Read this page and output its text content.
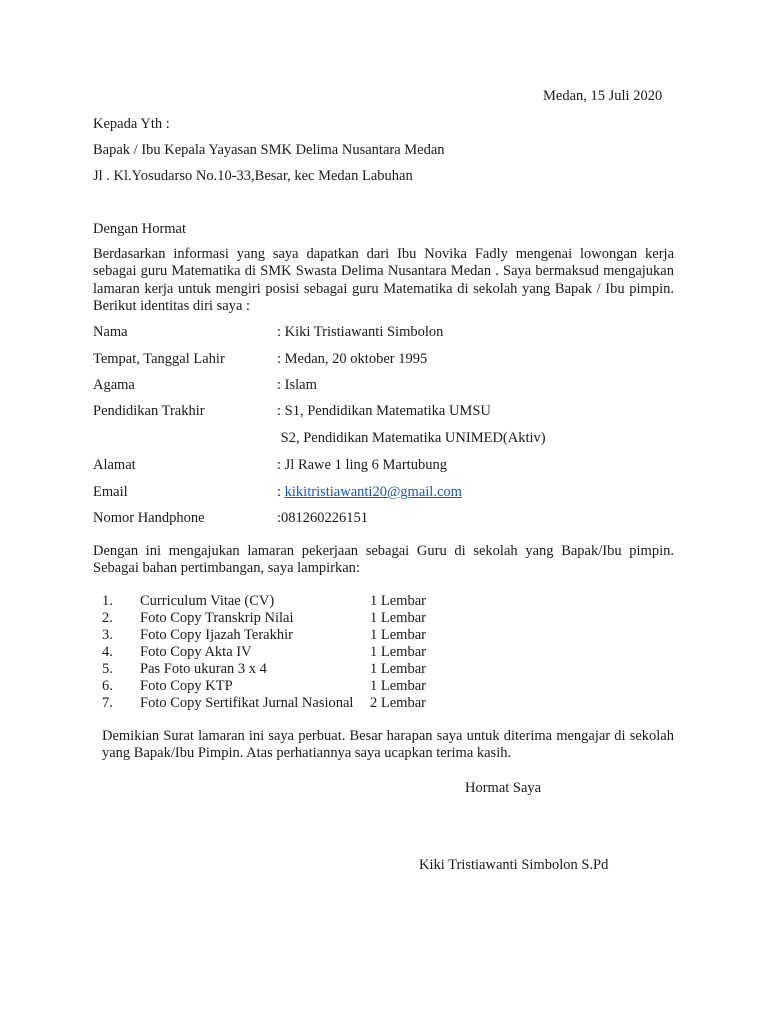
Medan, 15 Juli 2020
Kepada Yth :
Bapak / Ibu Kepala Yayasan SMK Delima Nusantara Medan
Jl . Kl.Yosudarso No.10-33,Besar, kec Medan Labuhan
Dengan Hormat
Berdasarkan informasi yang saya dapatkan dari Ibu Novika Fadly mengenai lowongan kerja sebagai guru Matematika di SMK Swasta Delima Nusantara Medan . Saya bermaksud mengajukan lamaran kerja untuk mengiri posisi sebagai guru Matematika di sekolah yang Bapak / Ibu pimpin. Berikut identitas diri saya :
Nama	: Kiki Tristiawanti Simbolon
Tempat, Tanggal Lahir	: Medan, 20 oktober 1995
Agama	: Islam
Pendidikan Trakhir	: S1, Pendidikan Matematika UMSU
S2, Pendidikan Matematika UNIMED(Aktiv)
Alamat	: Jl Rawe 1 ling 6 Martubung
Email	: kikitristiawanti20@gmail.com
Nomor Handphone	:081260226151
Dengan ini mengajukan lamaran pekerjaan sebagai Guru di sekolah yang Bapak/Ibu pimpin. Sebagai bahan pertimbangan, saya lampirkan:
1. Curriculum Vitae (CV)	1 Lembar
2. Foto Copy Transkrip Nilai	1 Lembar
3. Foto Copy Ijazah Terakhir	1 Lembar
4. Foto Copy Akta IV	1 Lembar
5. Pas Foto ukuran 3 x 4	1 Lembar
6. Foto Copy KTP	1 Lembar
7. Foto Copy Sertifikat Jurnal Nasional 2 Lembar
Demikian Surat lamaran ini saya perbuat. Besar harapan saya untuk diterima mengajar di sekolah yang Bapak/Ibu Pimpin. Atas perhatiannya saya ucapkan terima kasih.
Hormat Saya
Kiki Tristiawanti Simbolon S.Pd
